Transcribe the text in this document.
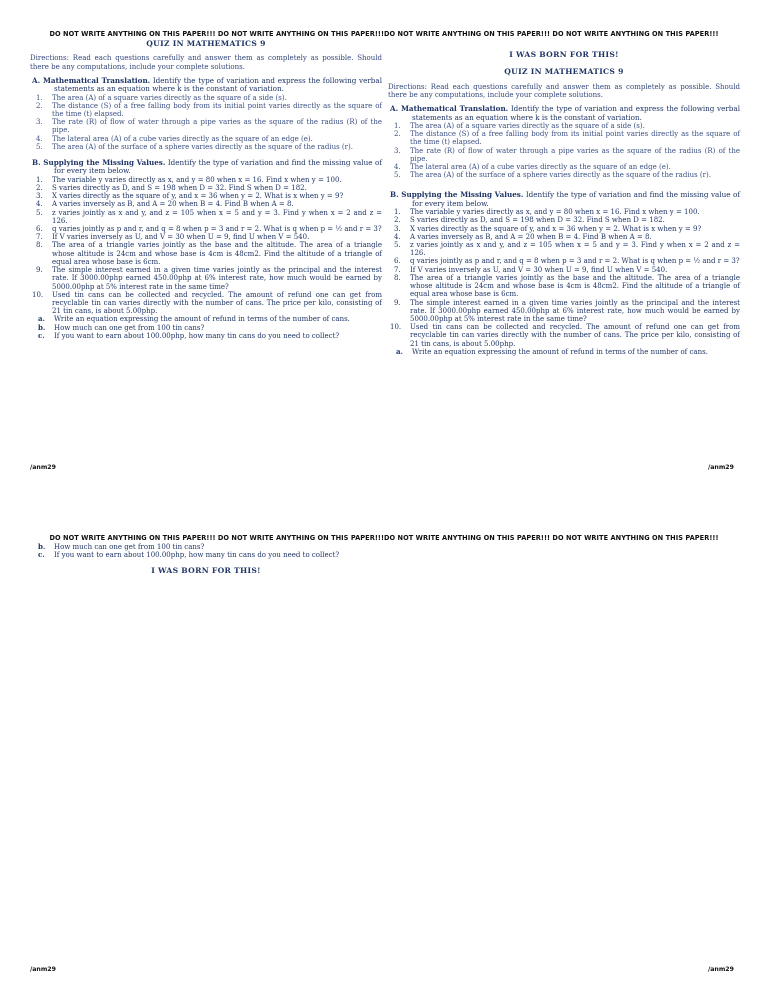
DO NOT WRITE ANYTHING ON THIS PAPER!!! DO NOT WRITE ANYTHING ON THIS PAPER!!!DO NOT WRITE ANYTHING ON THIS PAPER!!! DO NOT WRITE ANYTHING ON THIS PAPER!!!
QUIZ IN MATHEMATICS 9
Directions: Read each questions carefully and answer them as completely as possible. Should there be any computations, include your complete solutions.
A. Mathematical Translation. Identify the type of variation and express the following verbal statements as an equation where k is the constant of variation.
1. The area (A) of a square varies directly as the square of a side (s).
2. The distance (S) of a free falling body from its initial point varies directly as the square of the time (t) elapsed.
3. The rate (R) of flow of water through a pipe varies as the square of the radius (R) of the pipe.
4. The lateral area (A) of a cube varies directly as the square of an edge (e).
5. The area (A) of the surface of a sphere varies directly as the square of the radius (r).
B. Supplying the Missing Values. Identify the type of variation and find the missing value of for every item below.
1. The variable y varies directly as x, and y = 80 when x = 16. Find x when y = 100.
2. S varies directly as D, and S = 198 when D = 32. Find S when D = 182.
3. X varies directly as the square of y, and x = 36 when y = 2. What is x when y = 9?
4. A varies inversely as B, and A = 20 when B = 4. Find B when A = 8.
5. z varies jointly as x and y, and z = 105 when x = 5 and y = 3. Find y when x = 2 and z = 126.
6. q varies jointly as p and r, and q = 8 when p = 3 and r = 2. What is q when p = ½ and r = 3?
7. If V varies inversely as U, and V = 30 when U = 9, find U when V = 540.
8. The area of a triangle varies jointly as the base and the altitude. The area of a triangle whose altitude is 24cm and whose base is 4cm is 48cm2. Find the altitude of a triangle of equal area whose base is 6cm.
9. The simple interest earned in a given time varies jointly as the principal and the interest rate. If 3000.00php earned 450.00php at 6% interest rate, how much would be earned by 5000.00php at 5% interest rate in the same time?
10. Used tin cans can be collected and recycled. The amount of refund one can get from recyclable tin can varies directly with the number of cans. The price per kilo, consisting of 21 tin cans, is about 5.00php.
a. Write an equation expressing the amount of refund in terms of the number of cans.
b. How much can one get from 100 tin cans?
c. If you want to earn about 100.00php, how many tin cans do you need to collect?
I WAS BORN FOR THIS!
QUIZ IN MATHEMATICS 9
Directions: Read each questions carefully and answer them as completely as possible. Should there be any computations, include your complete solutions.
A. Mathematical Translation. Identify the type of variation and express the following verbal statements as an equation where k is the constant of variation.
1. The area (A) of a square varies directly as the square of a side (s).
2. The distance (S) of a free falling body from its initial point varies directly as the square of the time (t) elapsed.
3. The rate (R) of flow of water through a pipe varies as the square of the radius (R) of the pipe.
4. The lateral area (A) of a cube varies directly as the square of an edge (e).
5. The area (A) of the surface of a sphere varies directly as the square of the radius (r).
B. Supplying the Missing Values. Identify the type of variation and find the missing value of for every item below.
1. The variable y varies directly as x, and y = 80 when x = 16. Find x when y = 100.
2. S varies directly as D, and S = 198 when D = 32. Find S when D = 182.
3. X varies directly as the square of y, and x = 36 when y = 2. What is x when y = 9?
4. A varies inversely as B, and A = 20 when B = 4. Find B when A = 8.
5. z varies jointly as x and y, and z = 105 when x = 5 and y = 3. Find y when x = 2 and z = 126.
6. q varies jointly as p and r, and q = 8 when p = 3 and r = 2. What is q when p = ½ and r = 3?
7. If V varies inversely as U, and V = 30 when U = 9, find U when V = 540.
8. The area of a triangle varies jointly as the base and the altitude. The area of a triangle whose altitude is 24cm and whose base is 4cm is 48cm2. Find the altitude of a triangle of equal area whose base is 6cm.
9. The simple interest earned in a given time varies jointly as the principal and the interest rate. If 3000.00php earned 450.00php at 6% interest rate, how much would be earned by 5000.00php at 5% interest rate in the same time?
10. Used tin cans can be collected and recycled. The amount of refund one can get from recyclable tin can varies directly with the number of cans. The price per kilo, consisting of 21 tin cans, is about 5.00php.
a. Write an equation expressing the amount of refund in terms of the number of cans.
/anm29	/anm29
DO NOT WRITE ANYTHING ON THIS PAPER!!! DO NOT WRITE ANYTHING ON THIS PAPER!!!DO NOT WRITE ANYTHING ON THIS PAPER!!! DO NOT WRITE ANYTHING ON THIS PAPER!!!
b. How much can one get from 100 tin cans?
c. If you want to earn about 100.00php, how many tin cans do you need to collect?
I WAS BORN FOR THIS!
/anm29	/anm29
